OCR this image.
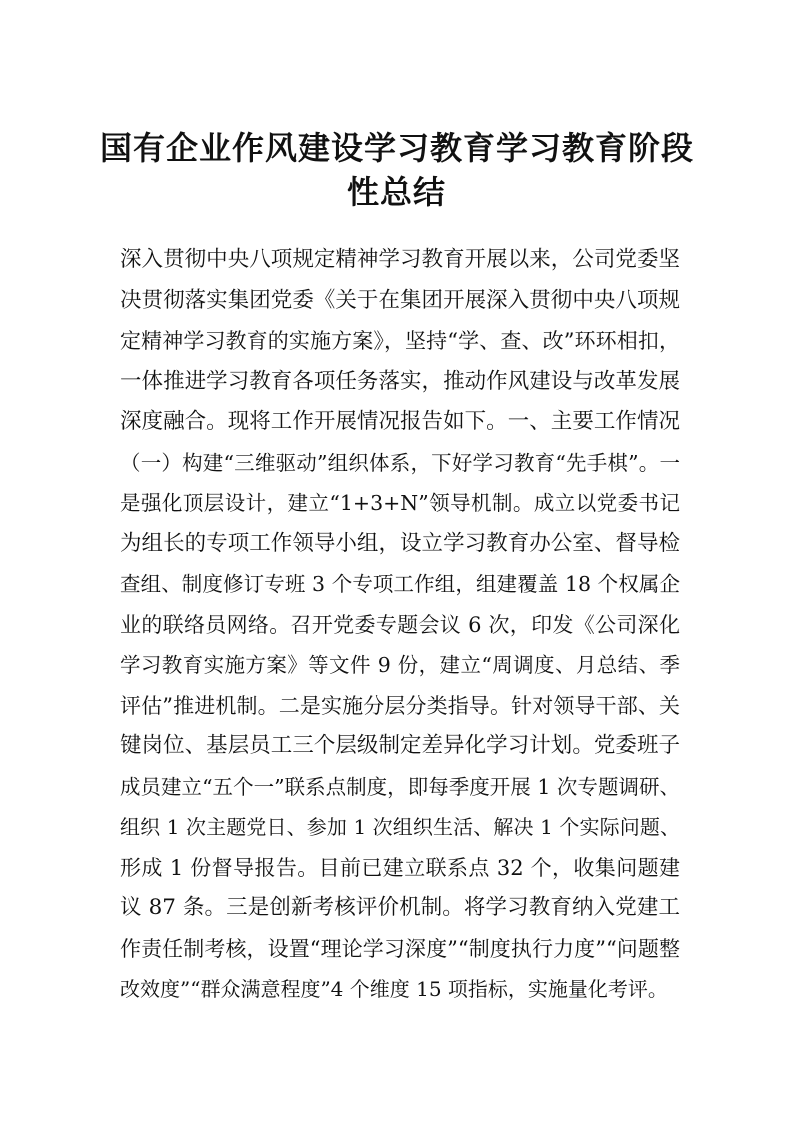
国有企业作风建设学习教育学习教育阶段
性总结
深入贯彻中央八项规定精神学习教育开展以来，公司党委坚
决贯彻落实集团党委《关于在集团开展深入贯彻中央八项规
定精神学习教育的实施方案》，坚持“学、查、改”环环相扣，
一体推进学习教育各项任务落实，推动作风建设与改革发展
深度融合。现将工作开展情况报告如下。一、主要工作情况
（一）构建“三维驱动”组织体系，下好学习教育“先手棋”。一
是强化顶层设计，建立“1+3+N”领导机制。成立以党委书记
为组长的专项工作领导小组，设立学习教育办公室、督导检
查组、制度修订专班 3 个专项工作组，组建覆盖 18 个权属企
业的联络员网络。召开党委专题会议 6 次，印发《公司深化
学习教育实施方案》等文件 9 份，建立“周调度、月总结、季
评估”推进机制。二是实施分层分类指导。针对领导干部、关
键岗位、基层员工三个层级制定差异化学习计划。党委班子
成员建立“五个一”联系点制度，即每季度开展 1 次专题调研、
组织 1 次主题党日、参加 1 次组织生活、解决 1 个实际问题、
形成 1 份督导报告。目前已建立联系点 32 个，收集问题建
议 87 条。三是创新考核评价机制。将学习教育纳入党建工
作责任制考核，设置“理论学习深度”“制度执行力度”“问题整
改效度”“群众满意程度”4 个维度 15 项指标，实施量化考评。
